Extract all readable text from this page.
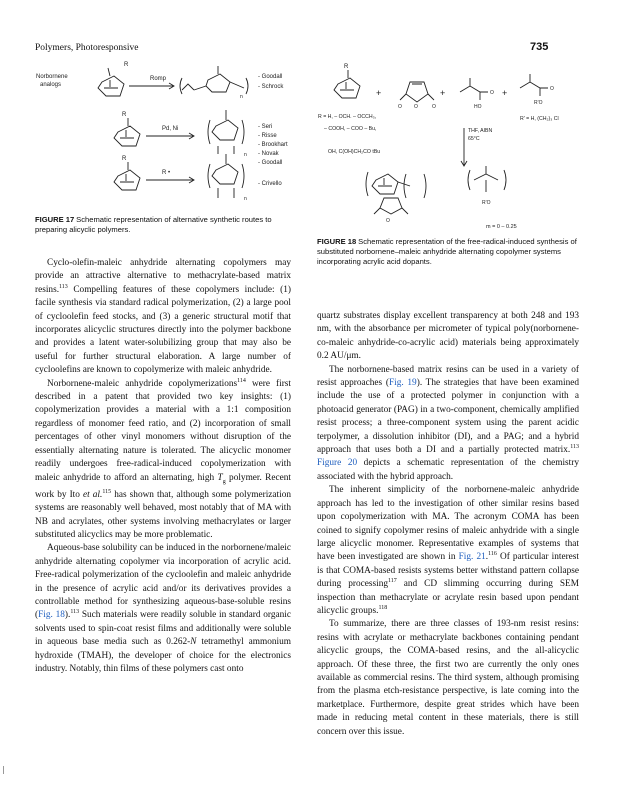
Polymers, Photoresponsive	735
Norbornene
analogs
Romp
Pd, Ni
R •
R
R
R
n
n
n
- Goodall
- Schrock
- Seri
- Risse
- Brookhart
- Novak
- Goodall
- Crivello
FIGURE 17 Schematic representation of alternative synthetic routes to preparing alicyclic polymers.
R
+	+	+
O O	O
O
O
HO
R'O
R = H, – OCH. – OCCH₃,
– COOH, – COO – Bu,
OH, C(OH)CH₂CO tBu
R' = H, (CH₂)₃ Cl
THF, AIBN
65°C
R'O
O
m = 0 – 0.25
FIGURE 18 Schematic representation of the free-radical-induced synthesis of substituted norbornene–maleic anhydride alternating copolymer systems incorporating acrylic acid dopants.

Cyclo-olefin-maleic anhydride alternating copolymers may provide an attractive alternative to methacrylate-based matrix resins.$^{113}$ Compelling features of these copolymers include: (1) facile synthesis via standard radical polymerization, (2) a large pool of cycloolefin feed stocks, and (3) a generic structural motif that incorporates alicyclic structures directly into the polymer backbone and provides a latent water-solubilizing group that may also be useful for further structural elaboration. A large number of cycloolefins are known to copolymerize with maleic anhydride.

Norbornene-maleic anhydride copolymerizations$^{114}$ were first described in a patent that provided two key insights: (1) copolymerization provides a material with a 1:1 composition regardless of monomer feed ratio, and (2) incorporation of small percentages of other vinyl monomers without disruption of the essentially alternating nature is tolerated. The alicyclic monomer readily undergoes free-radical-induced copolymerization with maleic anhydride to afford an alternating, high $T_g$ polymer. Recent work by Ito et al.$^{115}$ has shown that, although some polymerization systems are reasonably well behaved, most notably that of MA with NB and acrylates, other systems involving methacrylates or larger substituted alicyclics may be more problematic.

Aqueous-base solubility can be induced in the norbornene/maleic anhydride alternating copolymer via incorporation of acrylic acid. Free-radical polymerization of the cycloolefin and maleic anhydride in the presence of acrylic acid and/or its derivatives provides a controllable method for synthesizing aqueous-base-soluble resins (Fig. 18).$^{113}$ Such materials were readily soluble in standard organic solvents used to spin-coat resist films and additionally were soluble in aqueous base media such as 0.262-N tetramethyl ammonium hydroxide (TMAH), the developer of choice for the electronics industry. Notably, thin films of these polymers cast onto

quartz substrates display excellent transparency at both 248 and 193 nm, with the absorbance per micrometer of typical poly(norbornene-co-maleic anhydride-co-acrylic acid) materials being approximately 0.2 AU/μm.

The norbornene-based matrix resins can be used in a variety of resist approaches (Fig. 19). The strategies that have been examined include the use of a protected polymer in conjunction with a photoacid generator (PAG) in a two-component, chemically amplified resist process; a three-component system using the parent acidic terpolymer, a dissolution inhibitor (DI), and a PAG; and a hybrid approach that uses both a DI and a partially protected matrix.$^{113}$ Figure 20 depicts a schematic representation of the chemistry associated with the hybrid approach.

The inherent simplicity of the norbornene-maleic anhydride approach has led to the investigation of other similar resins based upon copolymerization with MA. The acronym COMA has been coined to signify copolymer resins of maleic anhydride with a single large alicyclic monomer. Representative examples of systems that have been investigated are shown in Fig. 21.$^{116}$ Of particular interest is that COMA-based resists systems better withstand pattern collapse during processing$^{117}$ and CD slimming occurring during SEM inspection than methacrylate or acrylate resin based upon pendant alicyclic groups.$^{118}$

To summarize, there are three classes of 193-nm resist resins: resins with acrylate or methacrylate backbones containing pendant alicyclic groups, the COMA-based resins, and the all-alicyclic approach. Of these three, the first two are currently the only ones available as commercial resins. The third system, although promising from the plasma etch-resistance perspective, is late coming into the marketplace. Furthermore, despite great strides which have been made in reducing metal content in these materials, there is still concern over this issue.
